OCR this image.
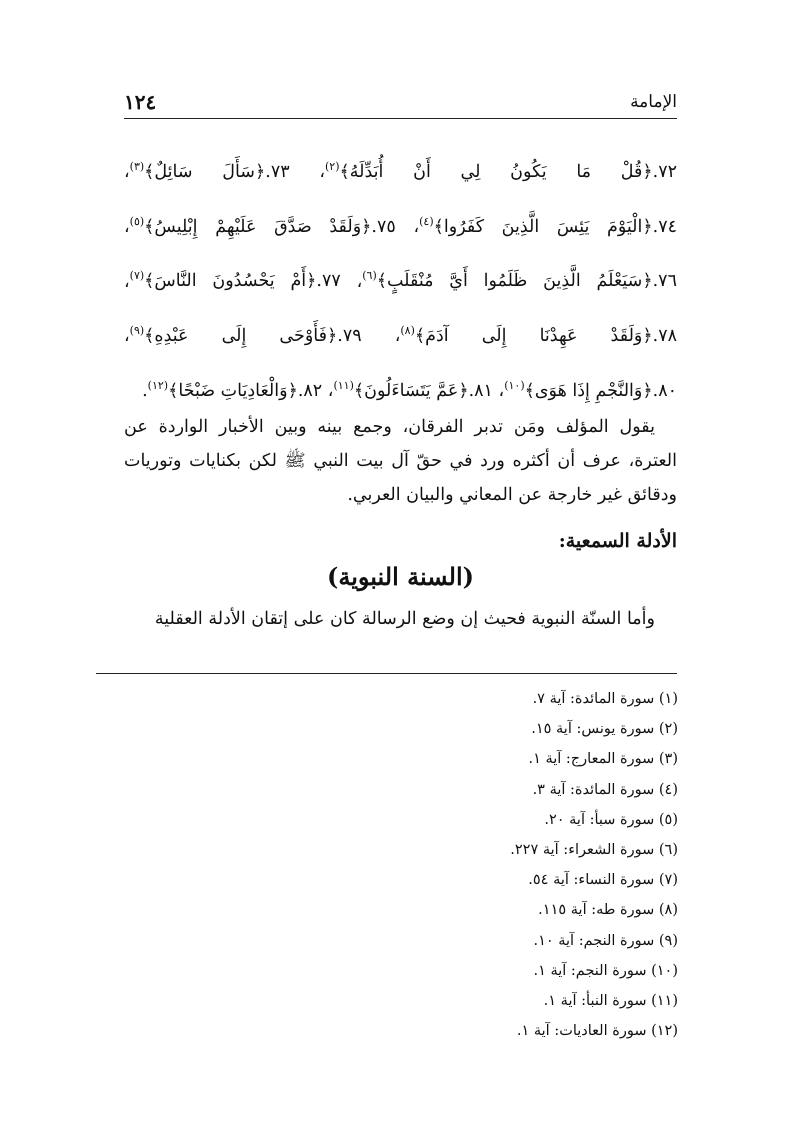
الإمامة
١٢٤
٧٢.﴿قُلْ مَا يَكُونُ لِي أَنْ أُبَدِّلَهُ﴾$^{(٢)}$، ٧٣.﴿سَأَلَ سَائِلٌ﴾$^{(٣)}$، ٧٤.﴿الْيَوْمَ يَئِسَ الَّذِينَ كَفَرُوا﴾$^{(٤)}$، ٧٥.﴿وَلَقَدْ صَدَّقَ عَلَيْهِمْ إِبْلِيسُ﴾$^{(٥)}$، ٧٦.﴿سَيَعْلَمُ الَّذِينَ ظَلَمُوا أَيَّ مُنْقَلَبٍ﴾$^{(٦)}$، ٧٧.﴿أَمْ يَحْسُدُونَ النَّاسَ﴾$^{(٧)}$، ٧٨.﴿وَلَقَدْ عَهِدْنَا إِلَى آدَمَ﴾$^{(٨)}$، ٧٩.﴿فَأَوْحَى إِلَى عَبْدِهِ﴾$^{(٩)}$، ٨٠.﴿وَالنَّجْمِ إِذَا هَوَى﴾$^{(١٠)}$، ٨١.﴿عَمَّ يَتَسَاءَلُونَ﴾$^{(١١)}$، ٨٢.﴿وَالْعَادِيَاتِ ضَبْحًا﴾$^{(١٢)}$.
يقول المؤلف ومَن تدبر الفرقان، وجمع بينه وبين الأخبار الواردة عن العترة، عرف أن أكثره ورد في حقّ آل بيت النبي ﷺ لكن بكنايات وتوريات ودقائق غير خارجة عن المعاني والبيان العربي.
الأدلة السمعية:
(السنة النبوية)
وأما السنّة النبوية فحيث إن وضع الرسالة كان على إتقان الأدلة العقلية
(١) سورة المائدة: آية ٧.
(٢) سورة يونس: آية ١٥.
(٣) سورة المعارج: آية ١.
(٤) سورة المائدة: آية ٣.
(٥) سورة سبأ: آية ٢٠.
(٦) سورة الشعراء: آية ٢٢٧.
(٧) سورة النساء: آية ٥٤.
(٨) سورة طه: آية ١١٥.
(٩) سورة النجم: آية ١٠.
(١٠) سورة النجم: آية ١.
(١١) سورة النبأ: آية ١.
(١٢) سورة العاديات: آية ١.
